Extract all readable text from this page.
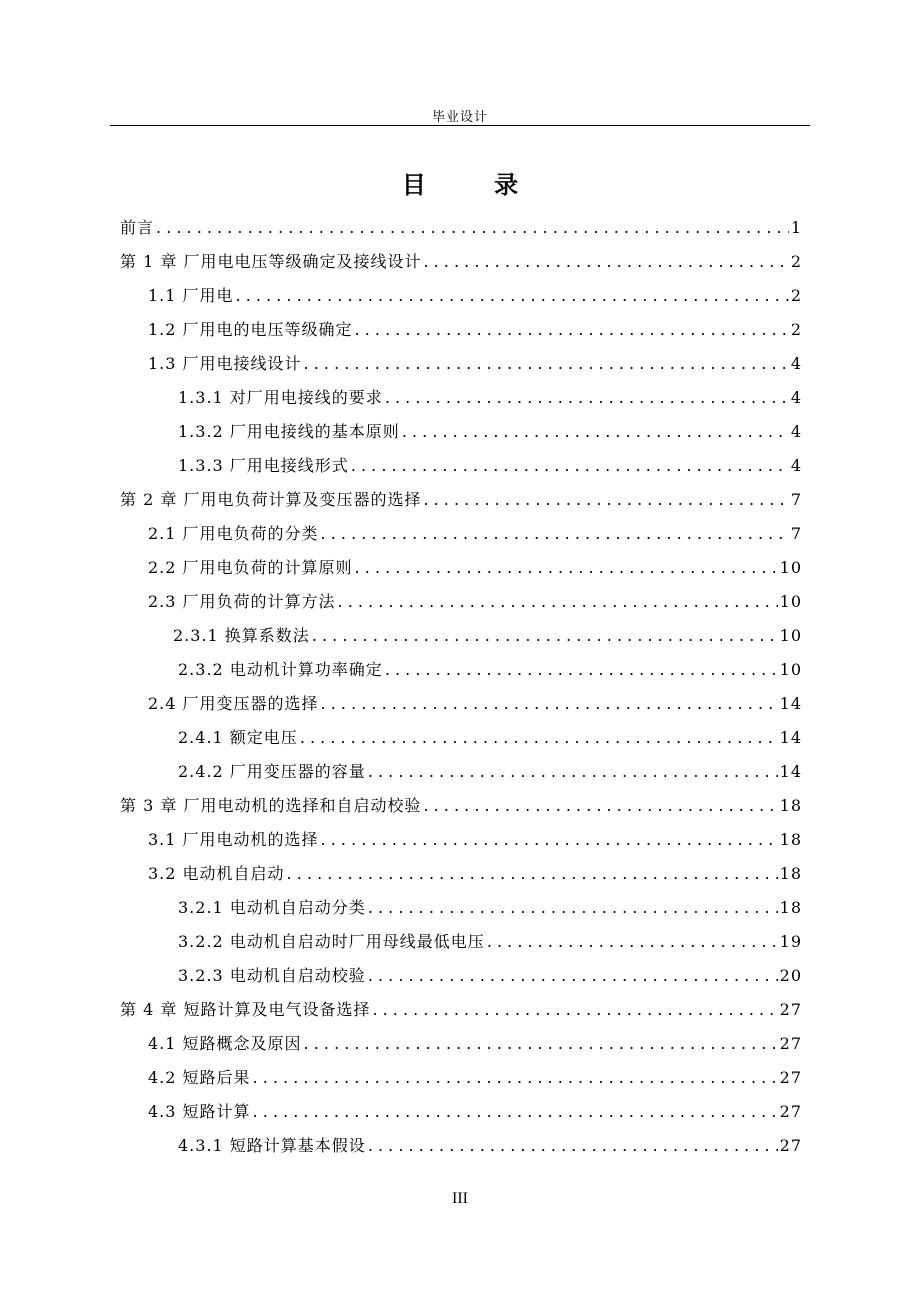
毕业设计
目 录
前言 . . .	1
第 1 章 厂用电电压等级确定及接线设计 . . .	2
1.1 厂用电 . . .	2
1.2 厂用电的电压等级确定 . . .	2
1.3 厂用电接线设计 . . .	4
1.3.1 对厂用电接线的要求 . . .	4
1.3.2 厂用电接线的基本原则 . . .	4
1.3.3 厂用电接线形式 . . .	4
第 2 章 厂用电负荷计算及变压器的选择 . . .	7
2.1 厂用电负荷的分类 . . .	7
2.2 厂用电负荷的计算原则 . . .	10
2.3 厂用负荷的计算方法 . . .	10
2.3.1 换算系数法 . . .	10
2.3.2 电动机计算功率确定 . . .	10
2.4 厂用变压器的选择 . . .	14
2.4.1 额定电压 . . .	14
2.4.2 厂用变压器的容量 . . .	14
第 3 章 厂用电动机的选择和自启动校验 . . .	18
3.1 厂用电动机的选择 . . .	18
3.2 电动机自启动 . . .	18
3.2.1 电动机自启动分类 . . .	18
3.2.2 电动机自启动时厂用母线最低电压 . . .	19
3.2.3 电动机自启动校验 . . .	20
第 4 章 短路计算及电气设备选择 . . .	27
4.1 短路概念及原因 . . .	27
4.2 短路后果 . . .	27
4.3 短路计算 . . .	27
4.3.1 短路计算基本假设 . . .	27
III
